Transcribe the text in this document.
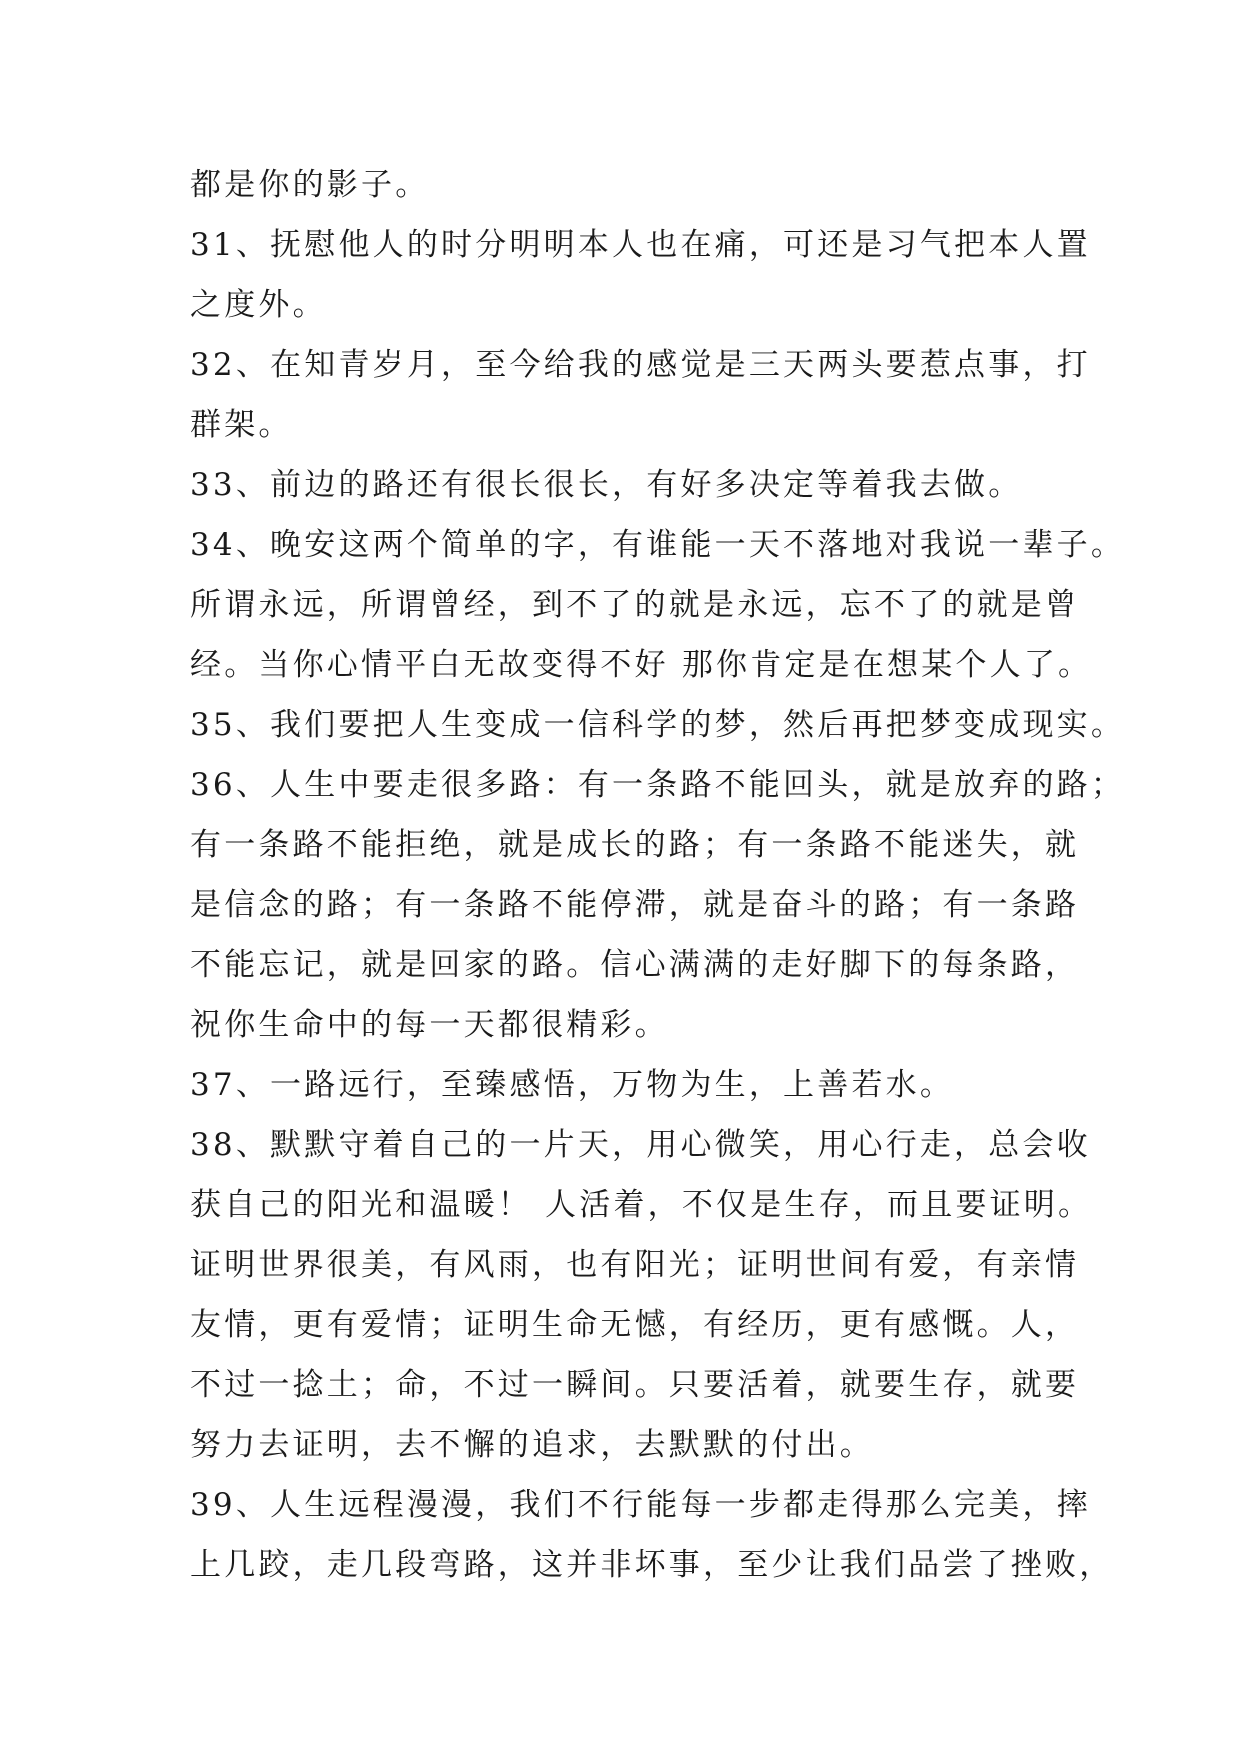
都是你的影子。
31、抚慰他人的时分明明本人也在痛，可还是习气把本人置
之度外。
32、在知青岁月，至今给我的感觉是三天两头要惹点事，打
群架。
33、前边的路还有很长很长，有好多决定等着我去做。
34、晚安这两个简单的字，有谁能一天不落地对我说一辈子。
所谓永远，所谓曾经，到不了的就是永远，忘不了的就是曾
经。当你心情平白无故变得不好 那你肯定是在想某个人了。
35、我们要把人生变成一信科学的梦，然后再把梦变成现实。
36、人生中要走很多路：有一条路不能回头，就是放弃的路；
有一条路不能拒绝，就是成长的路；有一条路不能迷失，就
是信念的路；有一条路不能停滞，就是奋斗的路；有一条路
不能忘记，就是回家的路。信心满满的走好脚下的每条路，
祝你生命中的每一天都很精彩。
37、一路远行，至臻感悟，万物为生，上善若水。
38、默默守着自己的一片天，用心微笑，用心行走，总会收
获自己的阳光和温暖！ 人活着，不仅是生存，而且要证明。
证明世界很美，有风雨，也有阳光；证明世间有爱，有亲情
友情，更有爱情；证明生命无憾，有经历，更有感慨。人，
不过一捻土；命，不过一瞬间。只要活着，就要生存，就要
努力去证明，去不懈的追求，去默默的付出。
39、人生远程漫漫，我们不行能每一步都走得那么完美，摔
上几跤，走几段弯路，这并非坏事，至少让我们品尝了挫败，
